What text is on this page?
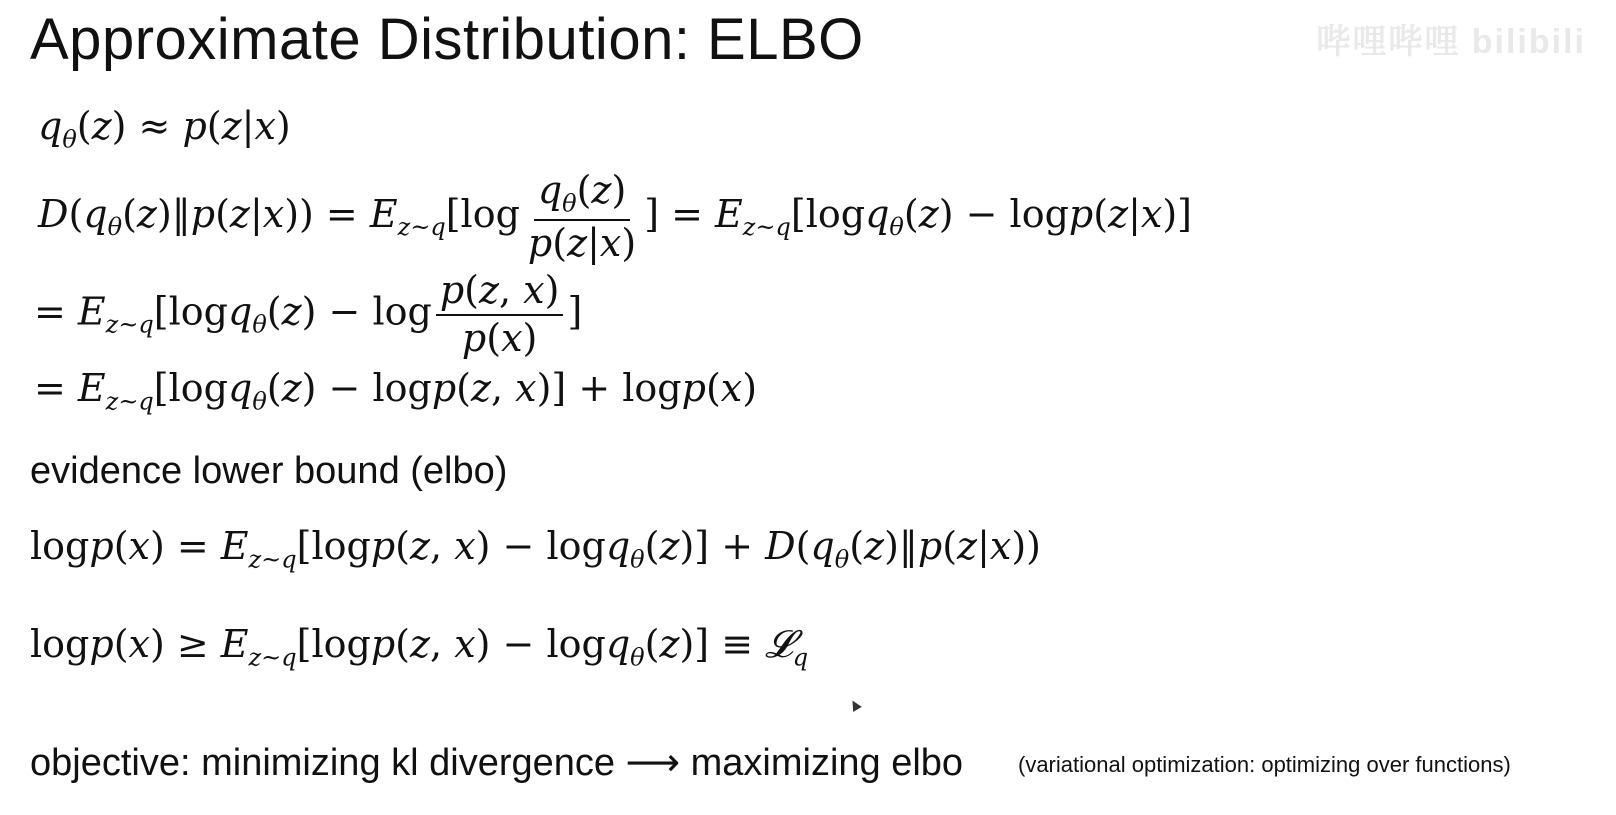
Approximate Distribution: ELBO	哔哩哔哩 bilibili
$q_\theta(z) \approx p(z|x)$
$D(q_\theta(z)‖p(z|x)) = E_{z\sim q}[\log \frac{q_\theta(z)}{p(z|x)}$ ] = $E_{z\sim q}[\log q_\theta(z) - \log p(z|x)]$
= $E_{z\sim q}[\log q_\theta(z) - \log \frac{p(z, x)}{p(x)}$ ]
= $E_{z\sim q}[\log q_\theta(z) - \log p(z$, x)] + logp(x)
evidence lower bound (elbo)
$\log p(x) = E_{z\sim q}[\log p(z$, $x) - \log q_\theta(z)] + D(q_\theta(z)‖p(z|x))$
$\log p(x) \ge E_{z\sim q}[\log p(z$, x) − logq$_\theta$(z)] ≡ 𝓛$_q$
objective: minimizing kl divergence ⟶ maximizing elbo (variational optimization: optimizing over functions)
